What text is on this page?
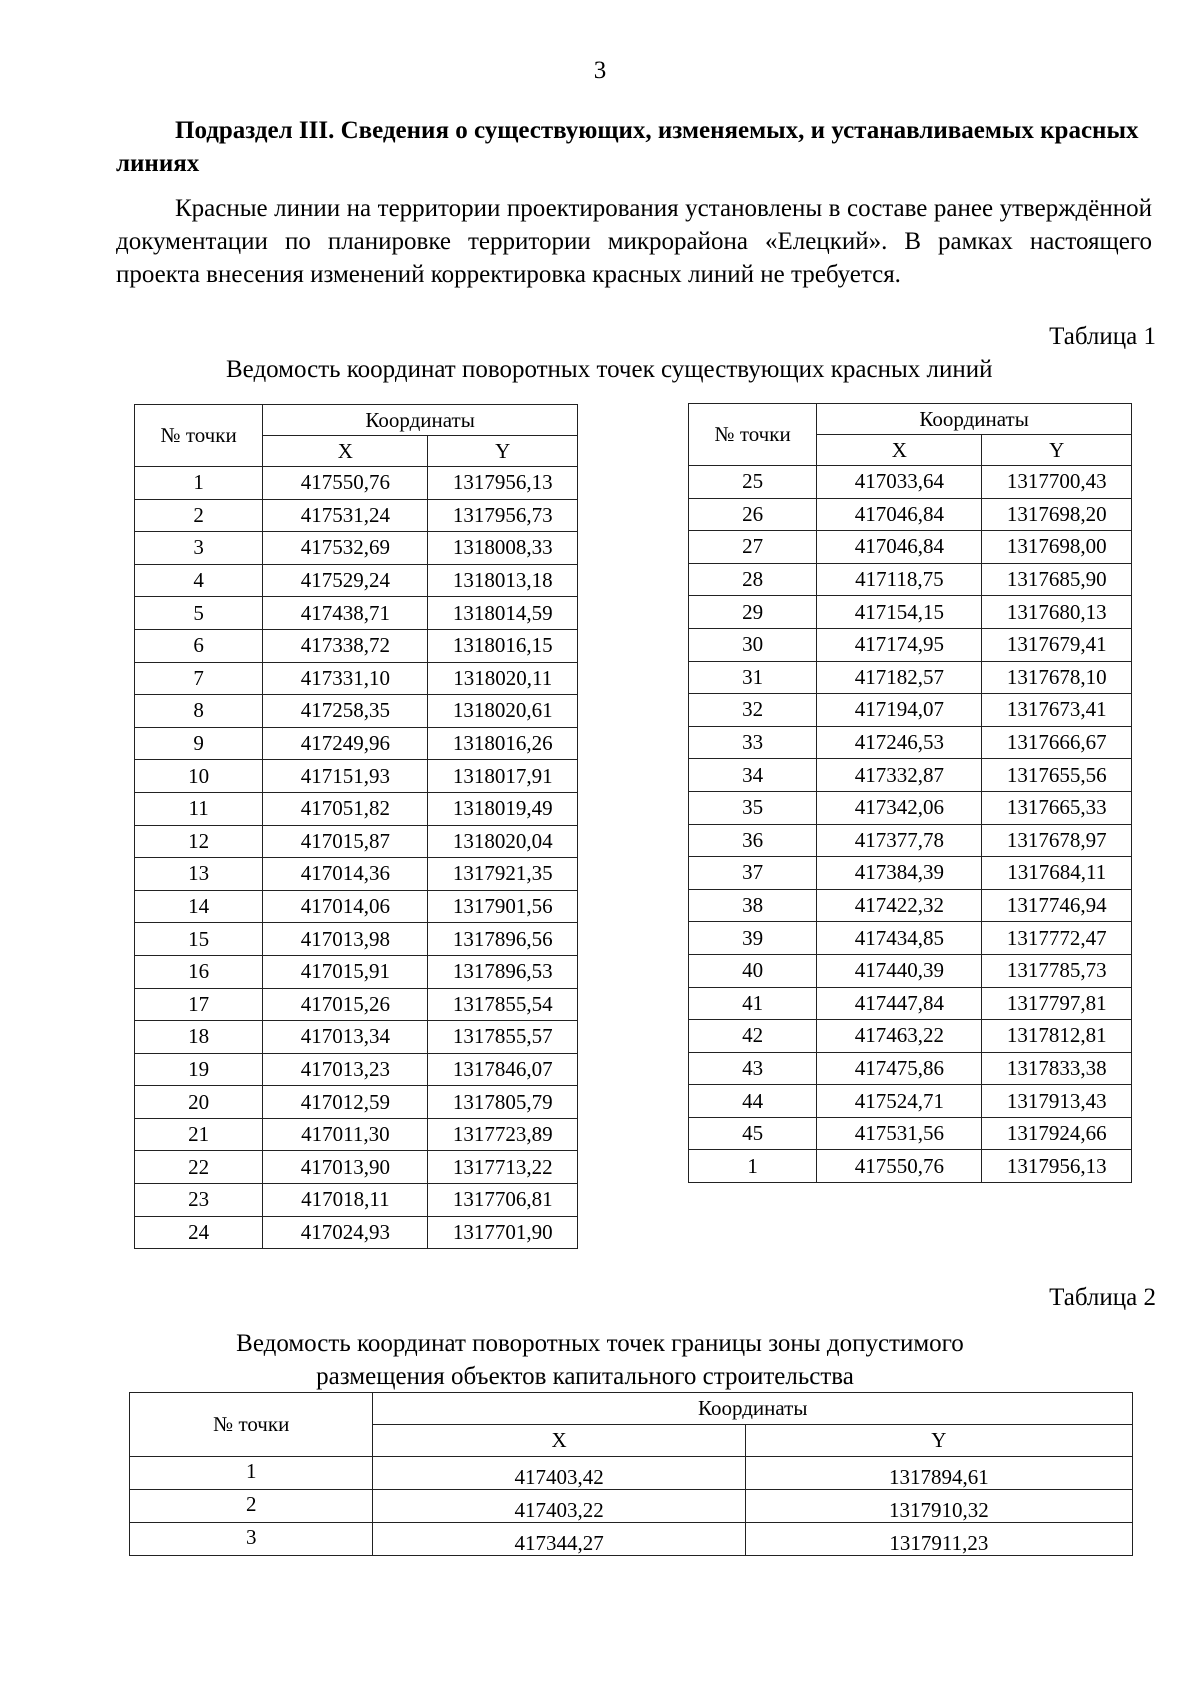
3
Подраздел III. Сведения о существующих, изменяемых, и устанавливаемых красных линиях
Красные линии на территории проектирования установлены в составе ранее утверждённой документации по планировке территории микрорайона «Елецкий». В рамках настоящего проекта внесения изменений корректировка красных линий не требуется.
Таблица 1
Ведомость координат поворотных точек существующих красных линий
№ точки	Координаты	
	X	Y
1	417550,76	1317956,13
2	417531,24	1317956,73
3	417532,69	1318008,33
4	417529,24	1318013,18
5	417438,71	1318014,59
6	417338,72	1318016,15
7	417331,10	1318020,11
8	417258,35	1318020,61
9	417249,96	1318016,26
10	417151,93	1318017,91
11	417051,82	1318019,49
12	417015,87	1318020,04
13	417014,36	1317921,35
14	417014,06	1317901,56
15	417013,98	1317896,56
16	417015,91	1317896,53
17	417015,26	1317855,54
18	417013,34	1317855,57
19	417013,23	1317846,07
20	417012,59	1317805,79
21	417011,30	1317723,89
22	417013,90	1317713,22
23	417018,11	1317706,81
24	417024,93	1317701,90
№ точки	Координаты	
	X	Y
25	417033,64	1317700,43
26	417046,84	1317698,20
27	417046,84	1317698,00
28	417118,75	1317685,90
29	417154,15	1317680,13
30	417174,95	1317679,41
31	417182,57	1317678,10
32	417194,07	1317673,41
33	417246,53	1317666,67
34	417332,87	1317655,56
35	417342,06	1317665,33
36	417377,78	1317678,97
37	417384,39	1317684,11
38	417422,32	1317746,94
39	417434,85	1317772,47
40	417440,39	1317785,73
41	417447,84	1317797,81
42	417463,22	1317812,81
43	417475,86	1317833,38
44	417524,71	1317913,43
45	417531,56	1317924,66
1	417550,76	1317956,13
Таблица 2
Ведомость координат поворотных точек границы зоны допустимого
размещения объектов капитального строительства
№ точки	Координаты	
	X	Y
1	417403,42	1317894,61
2	417403,22	1317910,32
3	417344,27	1317911,23
